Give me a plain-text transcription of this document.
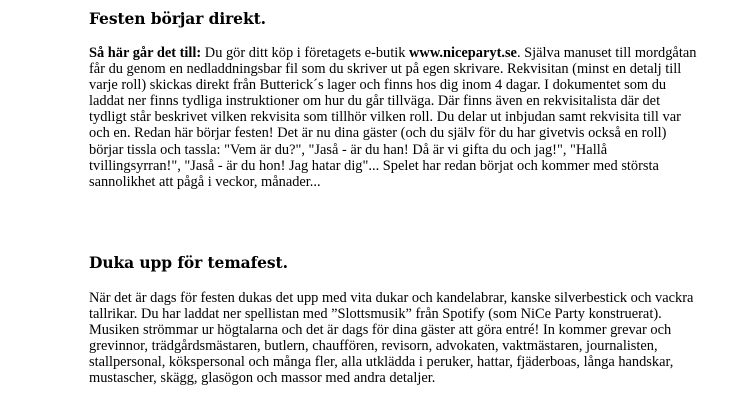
Festen börjar direkt.

Så här går det till: Du gör ditt köp i företagets e-butik www.niceparyt.se. Själva manuset till mordgåtan får du genom en nedladdningsbar fil som du skriver ut på egen skrivare. Rekvisitan (minst en detalj till varje roll) skickas direkt från Butterick´s lager och finns hos dig inom 4 dagar. I dokumentet som du laddat ner finns tydliga instruktioner om hur du går tillväga. Där finns även en rekvisitalista där det tydligt står beskrivet vilken rekvisita som tillhör vilken roll. Du delar ut inbjudan samt rekvisita till var och en. Redan här börjar festen! Det är nu dina gäster (och du själv för du har givetvis också en roll) börjar tissla och tassla: "Vem är du?", "Jaså - är du han! Då är vi gifta du och jag!", "Hallå tvillingsyrran!", "Jaså - är du hon! Jag hatar dig"... Spelet har redan börjat och kommer med största sannolikhet att pågå i veckor, månader...

Duka upp för temafest.

När det är dags för festen dukas det upp med vita dukar och kandelabrar, kanske silverbestick och vackra tallrikar. Du har laddat ner spellistan med ”Slottsmusik” från Spotify (som NiCe Party konstruerat). Musiken strömmar ur högtalarna och det är dags för dina gäster att göra entré! In kommer grevar och grevinnor, trädgårdsmästaren, butlern, chauffören, revisorn, advokaten, vaktmästaren, journalisten, stallpersonal, kökspersonal och många fler, alla utklädda i peruker, hattar, fjäderboas, långa handskar, mustascher, skägg, glasögon och massor med andra detaljer.
